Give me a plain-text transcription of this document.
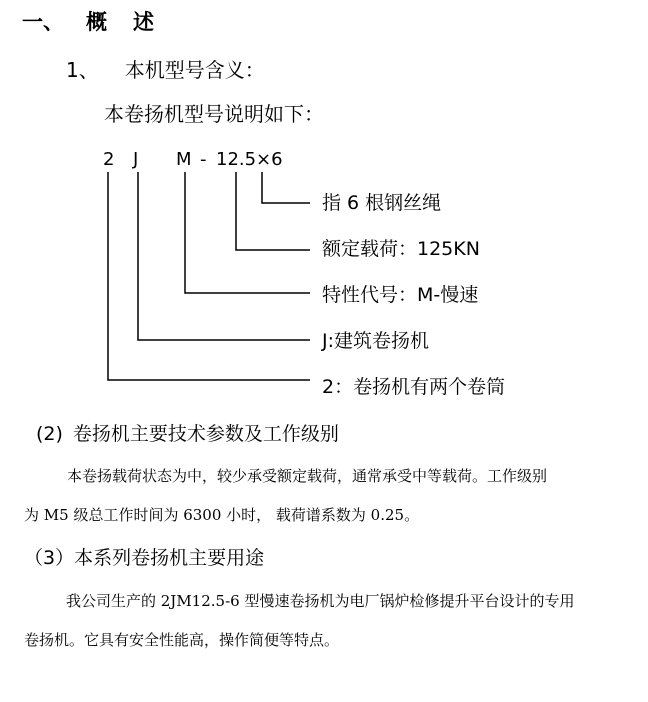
一、 概 述
1、 本机型号含义：
本卷扬机型号说明如下：
2 J M - 12.5 ×6
指 6 根钢丝绳
额定载荷：125KN
特性代号：M-慢速
J:建筑卷扬机
2：卷扬机有两个卷筒
(2) 卷扬机主要技术参数及工作级别
本卷扬载荷状态为中，较少承受额定载荷，通常承受中等载荷。工作级别
为 M5 级总工作时间为 6300 小时， 载荷谱系数为 0.25。
（3）本系列卷扬机主要用途
我公司生产的 2JM12.5-6 型慢速卷扬机为电厂锅炉检修提升平台设计的专用
卷扬机。它具有安全性能高，操作简便等特点。
